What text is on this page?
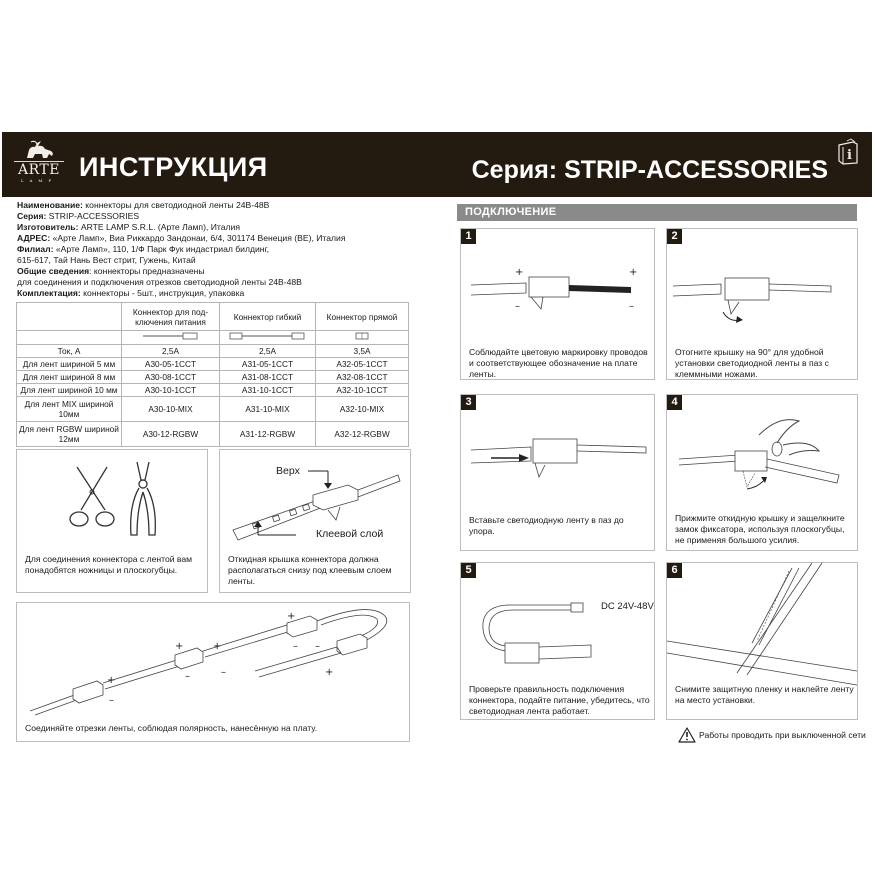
ARTE
LAMP ИНСТРУКЦИЯ	Серия: STRIP-ACCESSORIES
i
Наименование: коннекторы для светодиодной ленты 24В-48В
Серия: STRIP-ACCESSORIES
Изготовитель: ARTE LAMP S.R.L. (Арте Ламп), Италия
АДРЕС: «Арте Ламп», Виа Риккардо Зандонаи, 6/4, 301174 Венеция (ВЕ), Италия
Филиал: «Арте Ламп», 110, 1/Ф Парк Фук индастриал билдинг,
615-617, Тай Нань Вест стрит, Гужень, Китай
Общие сведения: коннекторы предназначены
для соединения и подключения отрезков светодиодной ленты 24В-48В
Комплектация: коннекторы - 5шт., инструкция, упаковка
	Коннектор для под-ключения питания	Коннектор гибкий	Коннектор прямой

Ток, А	2,5А	2,5А	3,5А
Для лент шириной 5 мм	A30-05-1CCT	A31-05-1CCT	A32-05-1CCT
Для лент шириной 8 мм	A30-08-1CCT	A31-08-1CCT	A32-08-1CCT
Для лент шириной 10 мм	A30-10-1CCT	A31-10-1CCT	A32-10-1CCT
Для лент MIX шириной 10мм	A30-10-MIX	A31-10-MIX	A32-10-MIX
Для лент RGBW шириной 12мм	A30-12-RGBW	A31-12-RGBW	A32-12-RGBW
Для соединения коннектора с лентой вам понадобятся ножницы и плоскогубцы.
Верх
Клеевой слой
Откидная крышка коннектора должна располагаться снизу под клеевым слоем ленты.
+
+	+
+
+
–
–	–
– –
Соединяйте отрезки ленты, соблюдая полярность, нанесённую на плату.
ПОДКЛЮЧЕНИЕ
1
+
–
+
–
Соблюдайте цветовую маркировку проводов и соответствующее обозначение на плате ленты.
2
Отогните крышку на 90° для удобной установки светодиодной ленты в паз с клеммными ножами.
3
Вставьте светодиодную ленту в паз до упора.
4
Прижмите откидную крышку и защелкните замок фиксатора, используя плоскогубцы, не применяя большого усилия.
5
DC 24V-48V
Проверьте правильность подключения коннектора, подайте питание, убедитесь, что светодиодная лента работает.
6
Снимите защитную пленку и наклейте ленту на место установки.
Работы проводить при выключенной сети
